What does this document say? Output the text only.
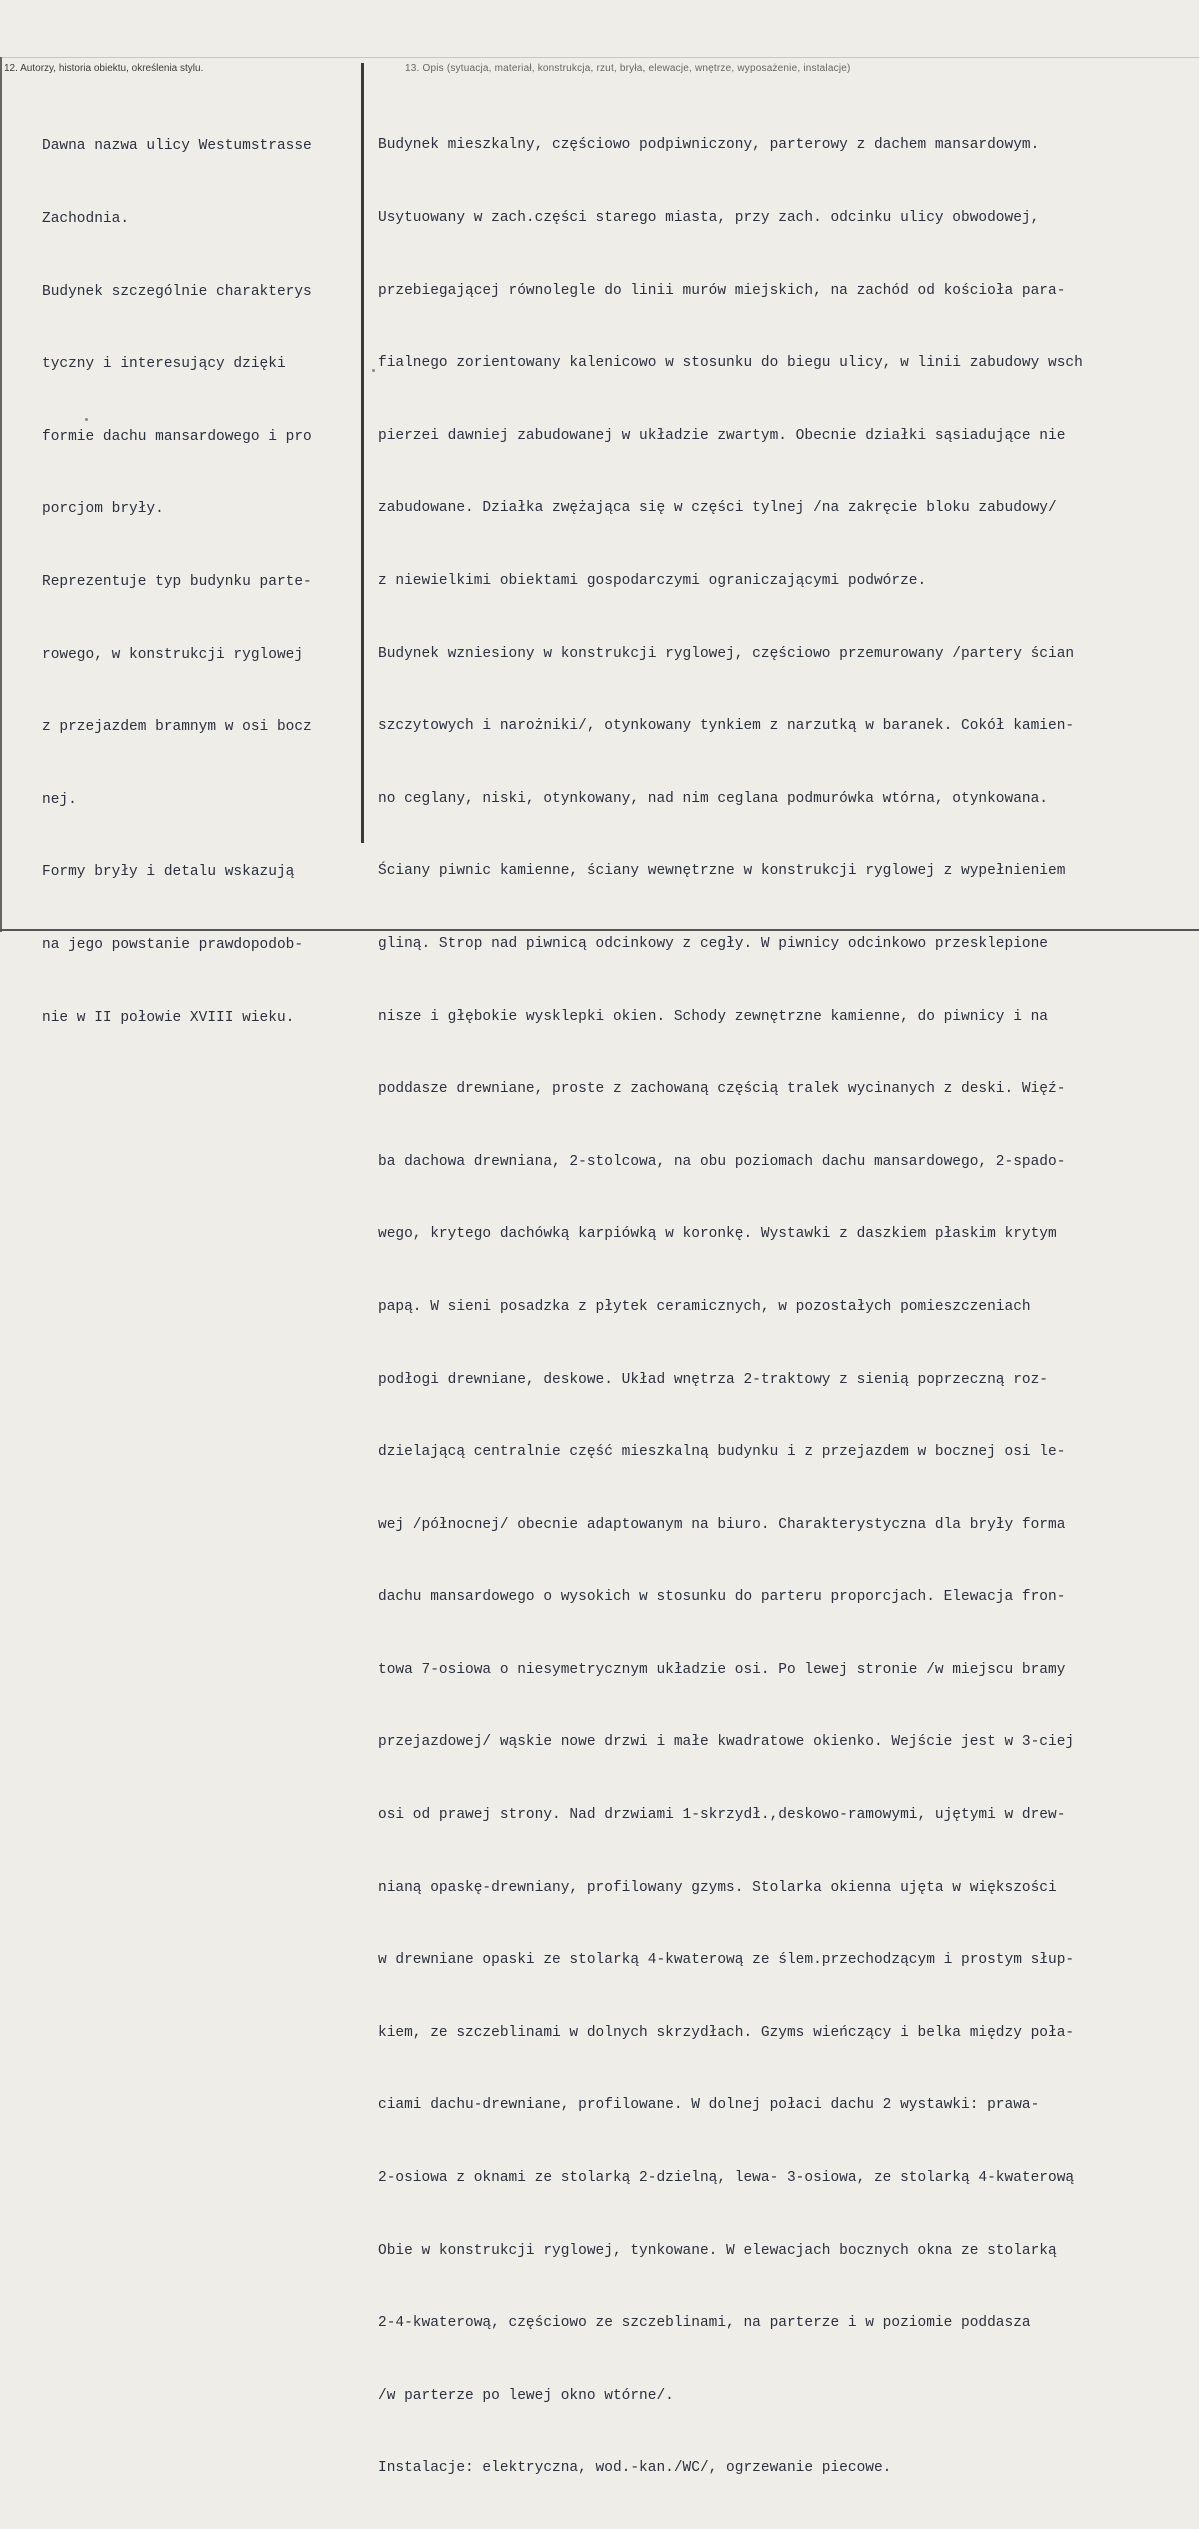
12. Autorzy, historia obiektu, określenia stylu.	13. Opis (sytuacja, materiał, konstrukcja, rzut, bryła, elewacje, wnętrze, wyposażenie, instalacje)

Dawna nazwa ulicy Westumstrasse

Zachodnia.

Budynek szczególnie charakterys

tyczny i interesujący dzięki

formie dachu mansardowego i pro

porcjom bryły.

Reprezentuje typ budynku parte-

rowego, w konstrukcji ryglowej

z przejazdem bramnym w osi bocz

nej.

Formy bryły i detalu wskazują

na jego powstanie prawdopodob-

nie w II połowie XVIII wieku.

Budynek mieszkalny, częściowo podpiwniczony, parterowy z dachem mansardowym.

Usytuowany w zach.części starego miasta, przy zach. odcinku ulicy obwodowej,

przebiegającej równolegle do linii murów miejskich, na zachód od kościoła para-

fialnego zorientowany kalenicowo w stosunku do biegu ulicy, w linii zabudowy wsch

pierzei dawniej zabudowanej w układzie zwartym. Obecnie działki sąsiadujące nie

zabudowane. Działka zwężająca się w części tylnej /na zakręcie bloku zabudowy/

z niewielkimi obiektami gospodarczymi ograniczającymi podwórze.

Budynek wzniesiony w konstrukcji ryglowej, częściowo przemurowany /partery ścian

szczytowych i narożniki/, otynkowany tynkiem z narzutką w baranek. Cokół kamien-

no ceglany, niski, otynkowany, nad nim ceglana podmurówka wtórna, otynkowana.

Ściany piwnic kamienne, ściany wewnętrzne w konstrukcji ryglowej z wypełnieniem

gliną. Strop nad piwnicą odcinkowy z cegły. W piwnicy odcinkowo przesklepione

nisze i głębokie wysklepki okien. Schody zewnętrzne kamienne, do piwnicy i na

poddasze drewniane, proste z zachowaną częścią tralek wycinanych z deski. Więź-

ba dachowa drewniana, 2-stolcowa, na obu poziomach dachu mansardowego, 2-spado-

wego, krytego dachówką karpiówką w koronkę. Wystawki z daszkiem płaskim krytym

papą. W sieni posadzka z płytek ceramicznych, w pozostałych pomieszczeniach

podłogi drewniane, deskowe. Układ wnętrza 2-traktowy z sienią poprzeczną roz-

dzielającą centralnie część mieszkalną budynku i z przejazdem w bocznej osi le-

wej /północnej/ obecnie adaptowanym na biuro. Charakterystyczna dla bryły forma

dachu mansardowego o wysokich w stosunku do parteru proporcjach. Elewacja fron-

towa 7-osiowa o niesymetrycznym układzie osi. Po lewej stronie /w miejscu bramy

przejazdowej/ wąskie nowe drzwi i małe kwadratowe okienko. Wejście jest w 3-ciej

osi od prawej strony. Nad drzwiami 1-skrzydł.,deskowo-ramowymi, ujętymi w drew-

nianą opaskę-drewniany, profilowany gzyms. Stolarka okienna ujęta w większości

w drewniane opaski ze stolarką 4-kwaterową ze ślem.przechodzącym i prostym słup-

kiem, ze szczeblinami w dolnych skrzydłach. Gzyms wieńczący i belka między poła-

ciami dachu-drewniane, profilowane. W dolnej połaci dachu 2 wystawki: prawa-

2-osiowa z oknami ze stolarką 2-dzielną, lewa- 3-osiowa, ze stolarką 4-kwaterową

Obie w konstrukcji ryglowej, tynkowane. W elewacjach bocznych okna ze stolarką

2-4-kwaterową, częściowo ze szczeblinami, na parterze i w poziomie poddasza

/w parterze po lewej okno wtórne/.

Instalacje: elektryczna, wod.-kan./WC/, ogrzewanie piecowe.
